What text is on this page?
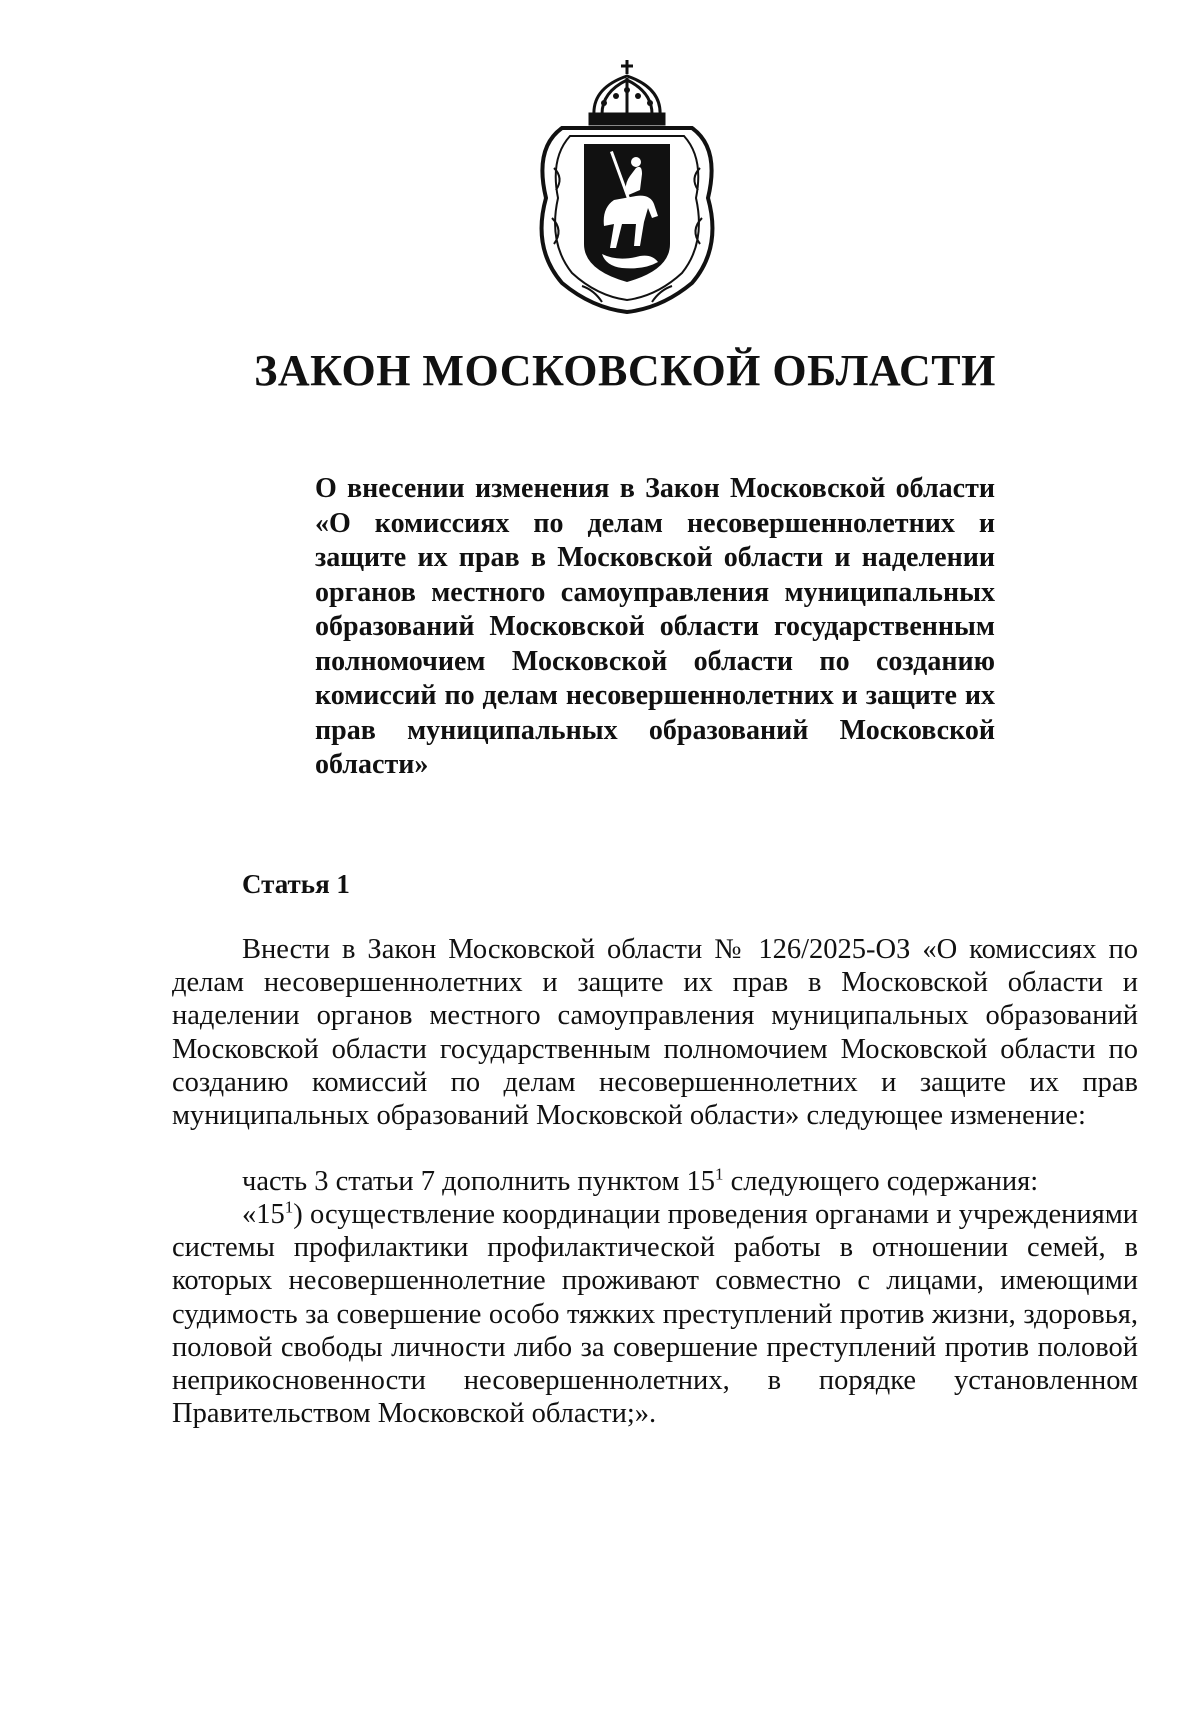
ЗАКОН МОСКОВСКОЙ ОБЛАСТИ

О внесении изменения в Закон Московской области «О комиссиях по делам несовершеннолетних и защите их прав в Московской области и наделении органов местного самоуправления муниципальных образований Московской области государственным полномочием Московской области по созданию комиссий по делам несовершеннолетних и защите их прав муниципальных образований Московской области»

Статья 1

Внести в Закон Московской области № 126/2025-ОЗ «О комиссиях по делам несовершеннолетних и защите их прав в Московской области и наделении органов местного самоуправления муниципальных образований Московской области государственным полномочием Московской области по созданию комиссий по делам несовершеннолетних и защите их прав муниципальных образований Московской области» следующее изменение:

часть 3 статьи 7 дополнить пунктом $15^1$ следующего содержания:

«$15^1$) осуществление координации проведения органами и учреждениями системы профилактики профилактической работы в отношении семей, в которых несовершеннолетние проживают совместно с лицами, имеющими судимость за совершение особо тяжких преступлений против жизни, здоровья, половой свободы личности либо за совершение преступлений против половой неприкосновенности несовершеннолетних, в порядке установленном Правительством Московской области;».
